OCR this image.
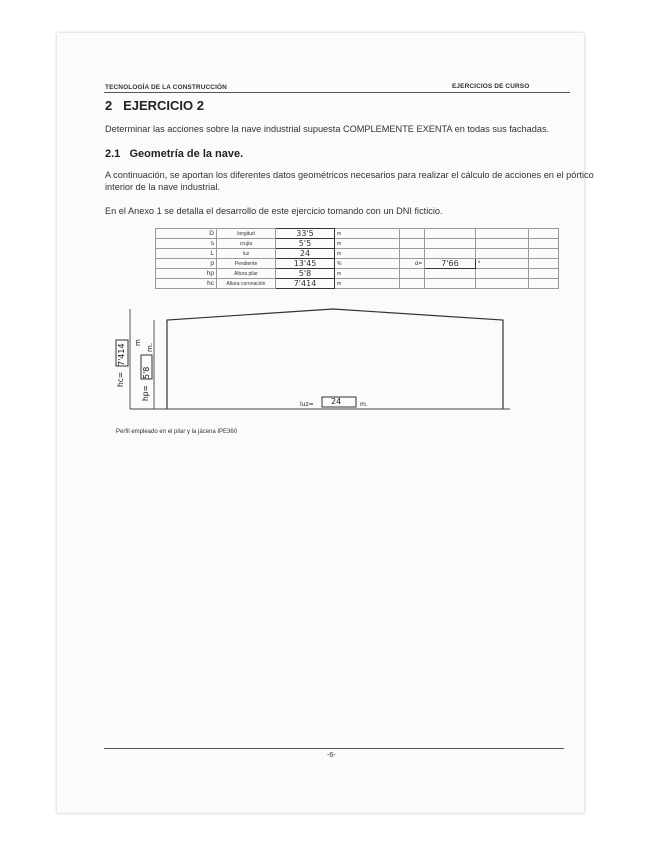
TECNOLOGÍA DE LA CONSTRUCCIÓN	EJERCICIOS DE CURSO
2 EJERCICIO 2
Determinar las acciones sobre la nave industrial supuesta COMPLEMENTE EXENTA en todas sus fachadas.
2.1 Geometría de la nave.
A continuación, se aportan los diferentes datos geométricos necesarios para realizar el cálculo de acciones en el pórtico
interior de la nave industrial.
En el Anexo 1 se detalla el desarrollo de este ejercicio tomando con un DNI ficticio.
D	longitud	33'5	m				
s	crujía	5'5	m				
L	luz	24	m				
p	Pendiente	13'45	%	α=	7'66	º	
hp	Altura pilar	5'8	m				
hc	Altura coronación	7'414	m				
hc=
7'414
m
hp=
5'8
m.
luz= 24	m.
Perfil empleado en el pilar y la jácena IPE360
-6-
